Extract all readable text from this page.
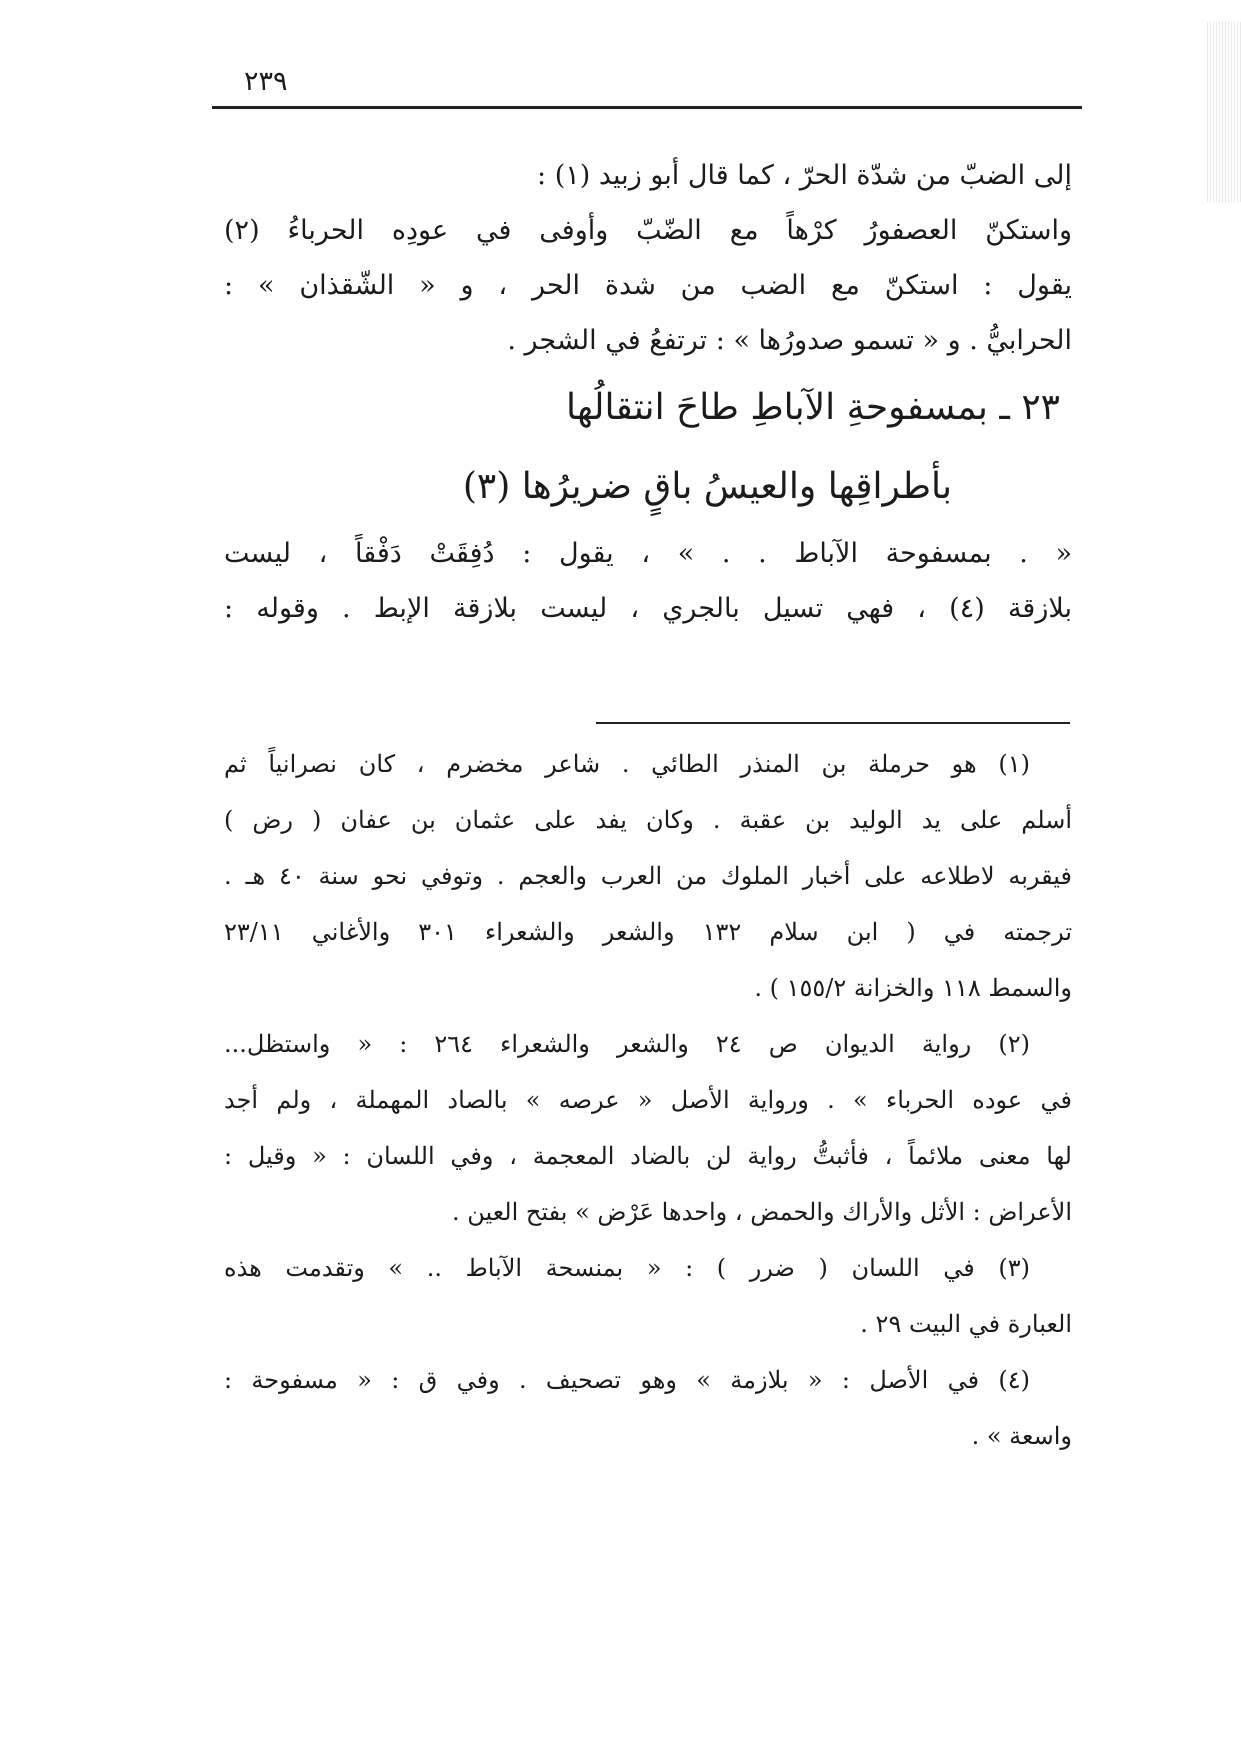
٢٣٩
إلى الضبّ من شدّة الحرّ ، كما قال أبو زبيد (١) :
واستكنّ العصفورُ كرْهاً مع الضّبّ وأوفى في عودِه الحرباءُ (٢)
يقول : استكنّ مع الضب من شدة الحر ، و « الشّقذان » :
الحرابيُّ . و « تسمو صدورُها » : ترتفعُ في الشجر .
٢٣ ـ بمسفوحةِ الآباطِ طاحَ انتقالُها
بأطراقِها والعيسُ باقٍ ضريرُها (٣)
« . بمسفوحة الآباط . . » ، يقول : دُفِقَتْ دَفْقاً ، ليست
بلازقة (٤) ، فهي تسيل بالجري ، ليست بلازقة الإبط . وقوله :
(١) هو حرملة بن المنذر الطائي . شاعر مخضرم ، كان نصرانياً ثم
أسلم على يد الوليد بن عقبة . وكان يفد على عثمان بن عفان ( رض )
فيقربه لاطلاعه على أخبار الملوك من العرب والعجم . وتوفي نحو سنة ٤٠ هـ .
ترجمته في ( ابن سلام ١٣٢ والشعر والشعراء ٣٠١ والأغاني ٢٣/١١
والسمط ١١٨ والخزانة ١٥٥/٢ ) .
(٢) رواية الديوان ص ٢٤ والشعر والشعراء ٢٦٤ : « واستظل...
في عوده الحرباء » . ورواية الأصل « عرصه » بالصاد المهملة ، ولم أجد
لها معنى ملائماً ، فأثبتُّ رواية لن بالضاد المعجمة ، وفي اللسان : « وقيل :
الأعراض : الأثل والأراك والحمض ، واحدها عَرْض » بفتح العين .
(٣) في اللسان ( ضرر ) : « بمنسحة الآباط .. » وتقدمت هذه
العبارة في البيت ٢٩ .
(٤) في الأصل : « بلازمة » وهو تصحيف . وفي ق : « مسفوحة :
واسعة » .
